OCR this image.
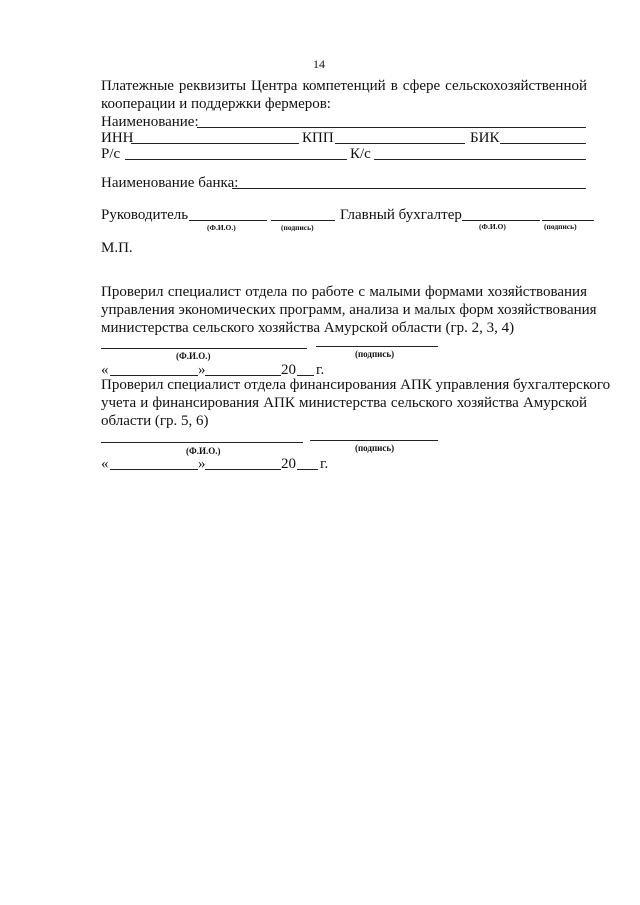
14
Платежные реквизиты Центра компетенций в сфере сельскохозяйственной
кооперации и поддержки фермеров:
Наименование:
ИНН	КПП	БИК
Р/с	К/с
Наименование банка:
Руководитель
(Ф.И.О.)	(подпись)
Главный бухгалтер
(Ф.И.О)	(подпись)
М.П.
Проверил специалист отдела по работе с малыми формами хозяйствования
управления экономических программ, анализа и малых форм хозяйствования
министерства сельского хозяйства Амурской области (гр. 2, 3, 4)
(Ф.И.О.)	(подпись)
«	»	20 г.
Проверил специалист отдела финансирования АПК управления бухгалтерского
учета и финансирования АПК министерства сельского хозяйства Амурской
области (гр. 5, 6)
(Ф.И.О.)	(подпись)
«	»	20 г.
